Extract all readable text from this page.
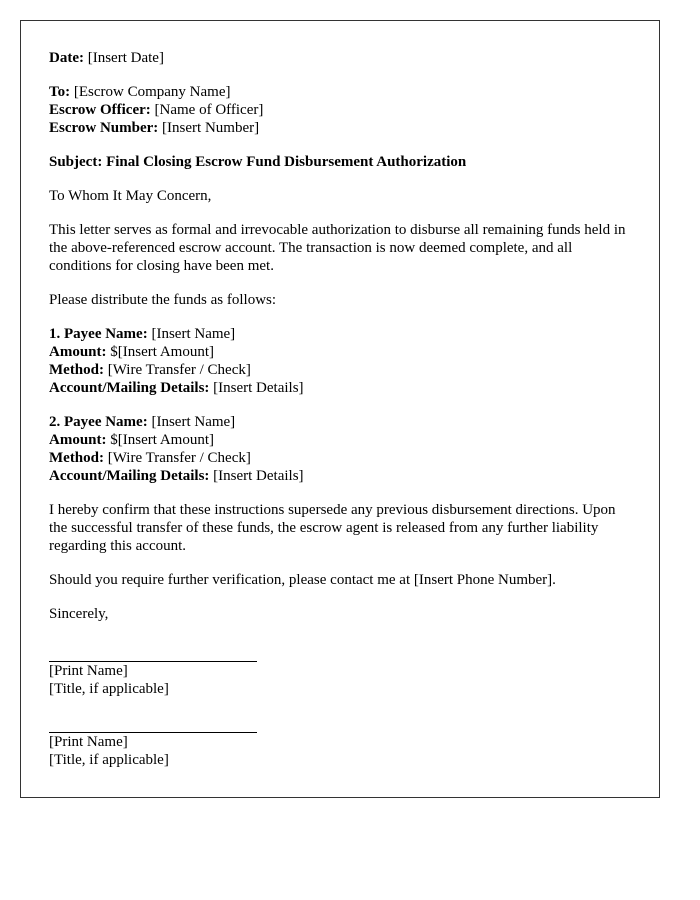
Date: [Insert Date]
To: [Escrow Company Name]
Escrow Officer: [Name of Officer]
Escrow Number: [Insert Number]
Subject: Final Closing Escrow Fund Disbursement Authorization
To Whom It May Concern,
This letter serves as formal and irrevocable authorization to disburse all remaining funds held in the above-referenced escrow account. The transaction is now deemed complete, and all conditions for closing have been met.
Please distribute the funds as follows:
1. Payee Name: [Insert Name]
Amount: $[Insert Amount]
Method: [Wire Transfer / Check]
Account/Mailing Details: [Insert Details]
2. Payee Name: [Insert Name]
Amount: $[Insert Amount]
Method: [Wire Transfer / Check]
Account/Mailing Details: [Insert Details]
I hereby confirm that these instructions supersede any previous disbursement directions. Upon the successful transfer of these funds, the escrow agent is released from any further liability regarding this account.
Should you require further verification, please contact me at [Insert Phone Number].
Sincerely,
[Print Name]
[Title, if applicable]
[Print Name]
[Title, if applicable]
